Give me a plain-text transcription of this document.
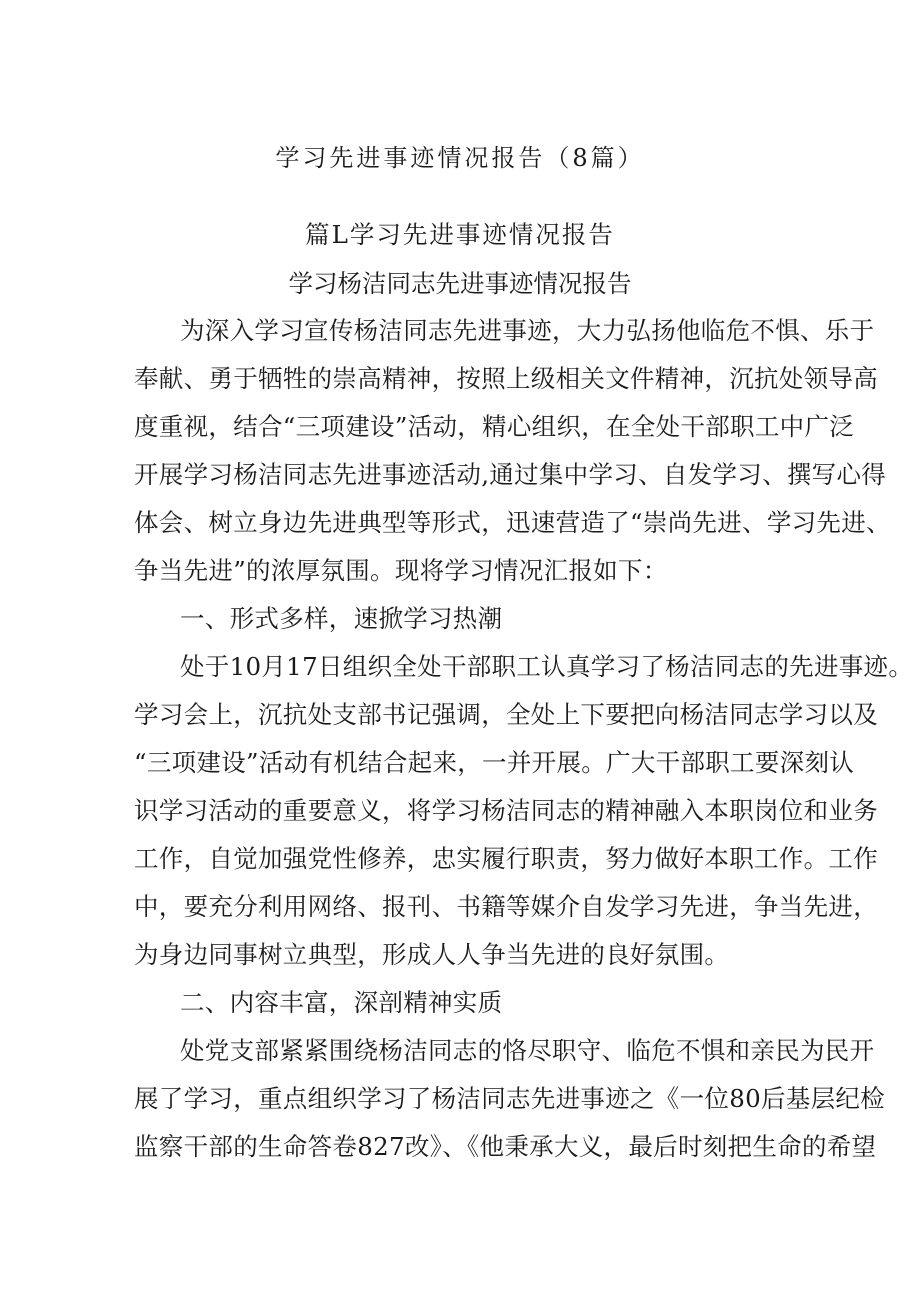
学习先进事迹情况报告（8篇）
篇L学习先进事迹情况报告
学习杨洁同志先进事迹情况报告
为深入学习宣传杨洁同志先进事迹，大力弘扬他临危不惧、乐于
奉献、勇于牺牲的崇高精神，按照上级相关文件精神，沉抗处领导高
度重视，结合“三项建设”活动，精心组织，在全处干部职工中广泛
开展学习杨洁同志先进事迹活动,通过集中学习、自发学习、撰写心得
体会、树立身边先进典型等形式，迅速营造了“崇尚先进、学习先进、
争当先进”的浓厚氛围。现将学习情况汇报如下：
一、形式多样，速掀学习热潮
处于10月17日组织全处干部职工认真学习了杨洁同志的先进事迹。
学习会上，沉抗处支部书记强调，全处上下要把向杨洁同志学习以及
“三项建设”活动有机结合起来，一并开展。广大干部职工要深刻认
识学习活动的重要意义，将学习杨洁同志的精神融入本职岗位和业务
工作，自觉加强党性修养，忠实履行职责，努力做好本职工作。工作
中，要充分利用网络、报刊、书籍等媒介自发学习先进，争当先进，
为身边同事树立典型，形成人人争当先进的良好氛围。
二、内容丰富，深剖精神实质
处党支部紧紧围绕杨洁同志的恪尽职守、临危不惧和亲民为民开
展了学习，重点组织学习了杨洁同志先进事迹之《一位80后基层纪检
监察干部的生命答卷827改》、《他秉承大义，最后时刻把生命的希望
